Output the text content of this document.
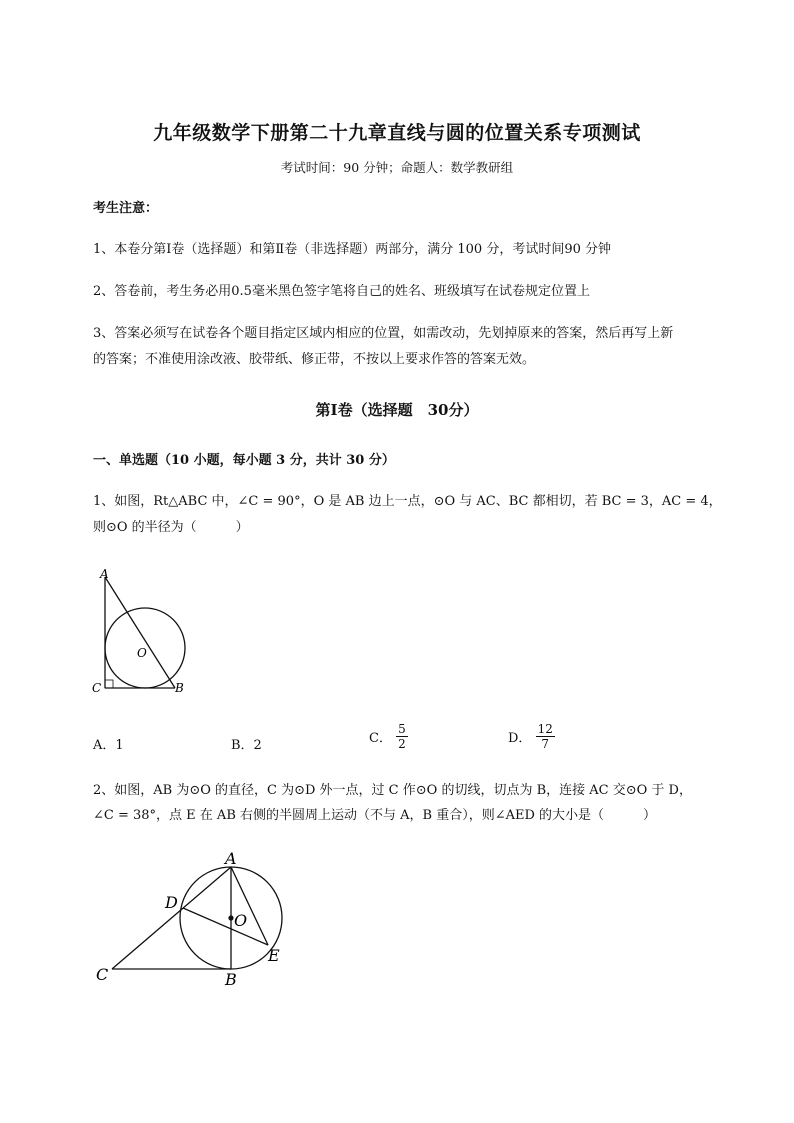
九年级数学下册第二十九章直线与圆的位置关系专项测试
考试时间：90 分钟；命题人：数学教研组
考生注意：
1、本卷分第Ⅰ卷（选择题）和第Ⅱ卷（非选择题）两部分，满分 100 分，考试时间90 分钟
2、答卷前，考生务必用0.5毫米黑色签字笔将自己的姓名、班级填写在试卷规定位置上
3、答案必须写在试卷各个题目指定区域内相应的位置，如需改动，先划掉原来的答案，然后再写上新
的答案；不准使用涂改液、胶带纸、修正带，不按以上要求作答的答案无效。
第Ⅰ卷（选择题　30分）
一、单选题（10 小题，每小题 3 分，共计 30 分）
1、如图，Rt△ABC 中，∠C = 90°，O 是 AB 边上一点，⊙O 与 AC、BC 都相切，若 BC = 3，AC = 4，
则⊙O 的半径为（　　　）
A
C	B
O
A．1	B．2	C． $\frac{5}{2}$	D． $\frac{12}{7}$
2、如图，AB 为⊙O 的直径，C 为⊙D 外一点，过 C 作⊙O 的切线，切点为 B，连接 AC 交⊙O 于 D，
∠C = 38°，点 E 在 AB 右侧的半圆周上运动（不与 A，B 重合），则∠AED 的大小是（　　　）
A
D
O
E
C	B
